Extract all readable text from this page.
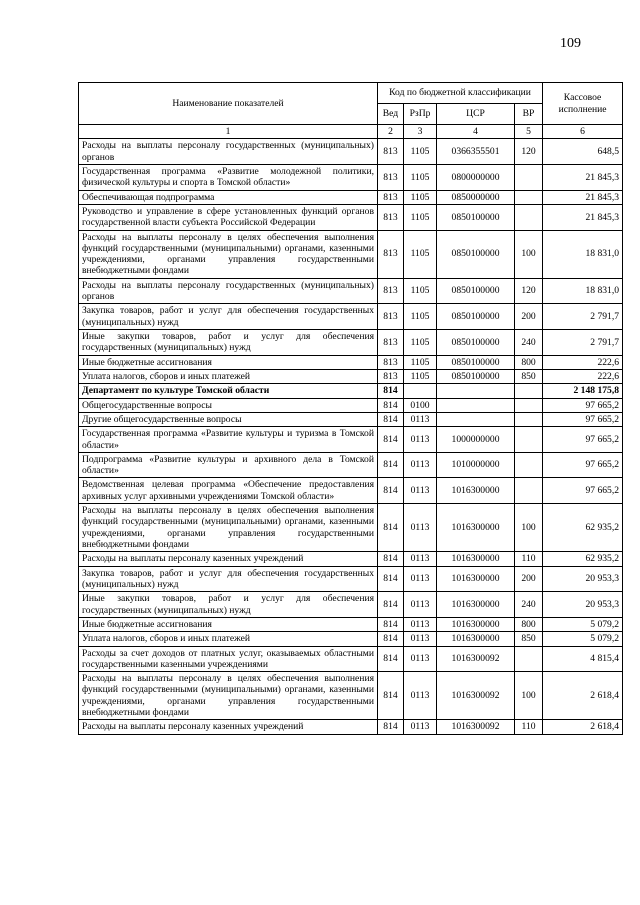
109
Наименование показателей	Код по бюджетной классификации				Кассовое исполнение
	Вед	РзПр	ЦСР	ВР	
1	2	3	4	5	6
Расходы на выплаты персоналу государственных (муниципальных) органов	813	1105	0366355501	120	648,5
Государственная программа «Развитие молодежной политики, физической культуры и спорта в Томской области»	813	1105	0800000000		21 845,3
Обеспечивающая подпрограмма	813	1105	0850000000		21 845,3
Руководство и управление в сфере установленных функций органов государственной власти субъекта Российской Федерации	813	1105	0850100000		21 845,3
Расходы на выплаты персоналу в целях обеспечения выполнения функций государственными (муниципальными) органами, казенными учреждениями, органами управления государственными внебюджетными фондами	813	1105	0850100000	100	18 831,0
Расходы на выплаты персоналу государственных (муниципальных) органов	813	1105	0850100000	120	18 831,0
Закупка товаров, работ и услуг для обеспечения государственных (муниципальных) нужд	813	1105	0850100000	200	2 791,7
Иные закупки товаров, работ и услуг для обеспечения государственных (муниципальных) нужд	813	1105	0850100000	240	2 791,7
Иные бюджетные ассигнования	813	1105	0850100000	800	222,6
Уплата налогов, сборов и иных платежей	813	1105	0850100000	850	222,6
Департамент по культуре Томской области	814				2 148 175,8
Общегосударственные вопросы	814	0100			97 665,2
Другие общегосударственные вопросы	814	0113			97 665,2
Государственная программа «Развитие культуры и туризма в Томской области»	814	0113	1000000000		97 665,2
Подпрограмма «Развитие культуры и архивного дела в Томской области»	814	0113	1010000000		97 665,2
Ведомственная целевая программа «Обеспечение предоставления архивных услуг архивными учреждениями Томской области»	814	0113	1016300000		97 665,2
Расходы на выплаты персоналу в целях обеспечения выполнения функций государственными (муниципальными) органами, казенными учреждениями, органами управления государственными внебюджетными фондами	814	0113	1016300000	100	62 935,2
Расходы на выплаты персоналу казенных учреждений	814	0113	1016300000	110	62 935,2
Закупка товаров, работ и услуг для обеспечения государственных (муниципальных) нужд	814	0113	1016300000	200	20 953,3
Иные закупки товаров, работ и услуг для обеспечения государственных (муниципальных) нужд	814	0113	1016300000	240	20 953,3
Иные бюджетные ассигнования	814	0113	1016300000	800	5 079,2
Уплата налогов, сборов и иных платежей	814	0113	1016300000	850	5 079,2
Расходы за счет доходов от платных услуг, оказываемых областными государственными казенными учреждениями	814	0113	1016300092		4 815,4
Расходы на выплаты персоналу в целях обеспечения выполнения функций государственными (муниципальными) органами, казенными учреждениями, органами управления государственными внебюджетными фондами	814	0113	1016300092	100	2 618,4
Расходы на выплаты персоналу казенных учреждений	814	0113	1016300092	110	2 618,4
